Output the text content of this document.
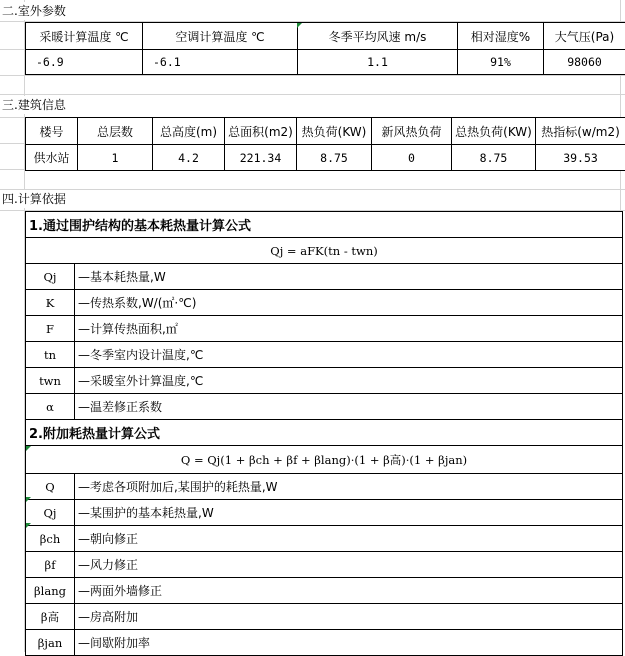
二.室外参数
采暖计算温度 ℃	空调计算温度 ℃	冬季平均风速 m/s	相对湿度%	大气压(Pa)
-6.9	-6.1	1.1	91%	98060
三.建筑信息
楼号	总层数	总高度(m)	总面积(m2)	热负荷(KW)	新风热负荷	总热负荷(KW)	热指标(w/m2)
供水站	1	4.2	221.34	8.75	0	8.75	39.53
四.计算依据
1.通过围护结构的基本耗热量计算公式	
Qj = aFK(tn - twn)	
Qj	—基本耗热量,W
K	—传热系数,W/(㎡·℃)
F	—计算传热面积,㎡
tn	—冬季室内设计温度,℃
twn	—采暖室外计算温度,℃
α	—温差修正系数
2.附加耗热量计算公式	
Q = Qj(1 + βch + βf + βlang)·(1 + β高)·(1 + βjan)	
Q	—考虑各项附加后,某围护的耗热量,W
Qj	—某围护的基本耗热量,W
βch	—朝向修正
βf	—风力修正
βlang	—两面外墙修正
β高	—房高附加
βjan	—间歇附加率
